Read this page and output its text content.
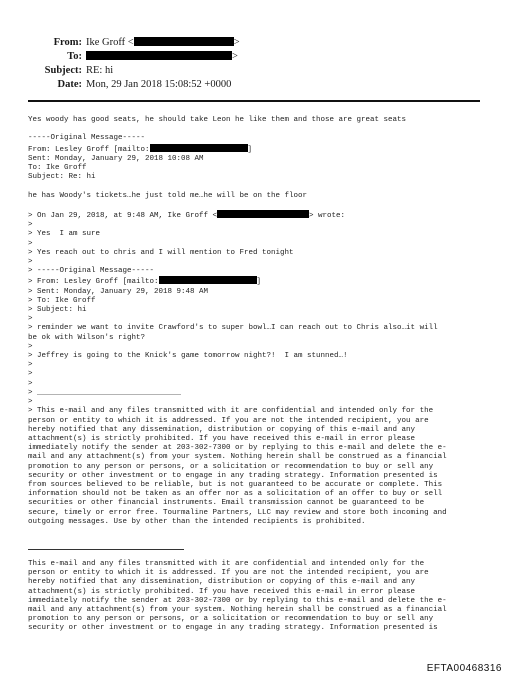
From: Ike Groff <	>
To:	>
Subject: RE: hi
Date: Mon, 29 Jan 2018 15:08:52 +0000
Yes woody has good seats, he should take Leon he like them and those are great seats

-----Original Message-----
From: Lesley Groff [mailto:	]
Sent: Monday, January 29, 2018 10:08 AM
To: Ike Groff
Subject: Re: hi

he has Woody's tickets…he just told me…he will be on the floor

> On Jan 29, 2018, at 9:48 AM, Ike Groff <	> wrote:
>
> Yes  I am sure
>
> Yes reach out to chris and I will mention to Fred tonight
>
> -----Original Message-----
> From: Lesley Groff [mailto:	]
> Sent: Monday, January 29, 2018 9:48 AM
> To: Ike Groff
> Subject: hi
>
> reminder we want to invite Crawford's to super bowl…I can reach out to Chris also…it will
be ok with Wilson's right?
>
> Jeffrey is going to the Knick's game tomorrow night?!  I am stunned…!
>
>
>
> ________________________________
>
> This e-mail and any files transmitted with it are confidential and intended only for the
person or entity to which it is addressed. If you are not the intended recipient, you are
hereby notified that any dissemination, distribution or copying of this e-mail and any
attachment(s) is strictly prohibited. If you have received this e-mail in error please
immediately notify the sender at 203-302-7300 or by replying to this e-mail and delete the e-
mail and any attachment(s) from your system. Nothing herein shall be construed as a financial
promotion to any person or persons, or a solicitation or recommendation to buy or sell any
security or other investment or to engage in any trading strategy. Information presented is
from sources believed to be reliable, but is not guaranteed to be accurate or complete. This
information should not be taken as an offer nor as a solicitation of an offer to buy or sell
securities or other financial instruments. Email transmission cannot be guaranteed to be
secure, timely or error free. Tourmaline Partners, LLC may review and store both incoming and
outgoing messages. Use by other than the intended recipients is prohibited.
This e-mail and any files transmitted with it are confidential and intended only for the
person or entity to which it is addressed. If you are not the intended recipient, you are
hereby notified that any dissemination, distribution or copying of this e-mail and any
attachment(s) is strictly prohibited. If you have received this e-mail in error please
immediately notify the sender at 203-302-7300 or by replying to this e-mail and delete the e-
mail and any attachment(s) from your system. Nothing herein shall be construed as a financial
promotion to any person or persons, or a solicitation or recommendation to buy or sell any
security or other investment or to engage in any trading strategy. Information presented is
EFTA00468316
